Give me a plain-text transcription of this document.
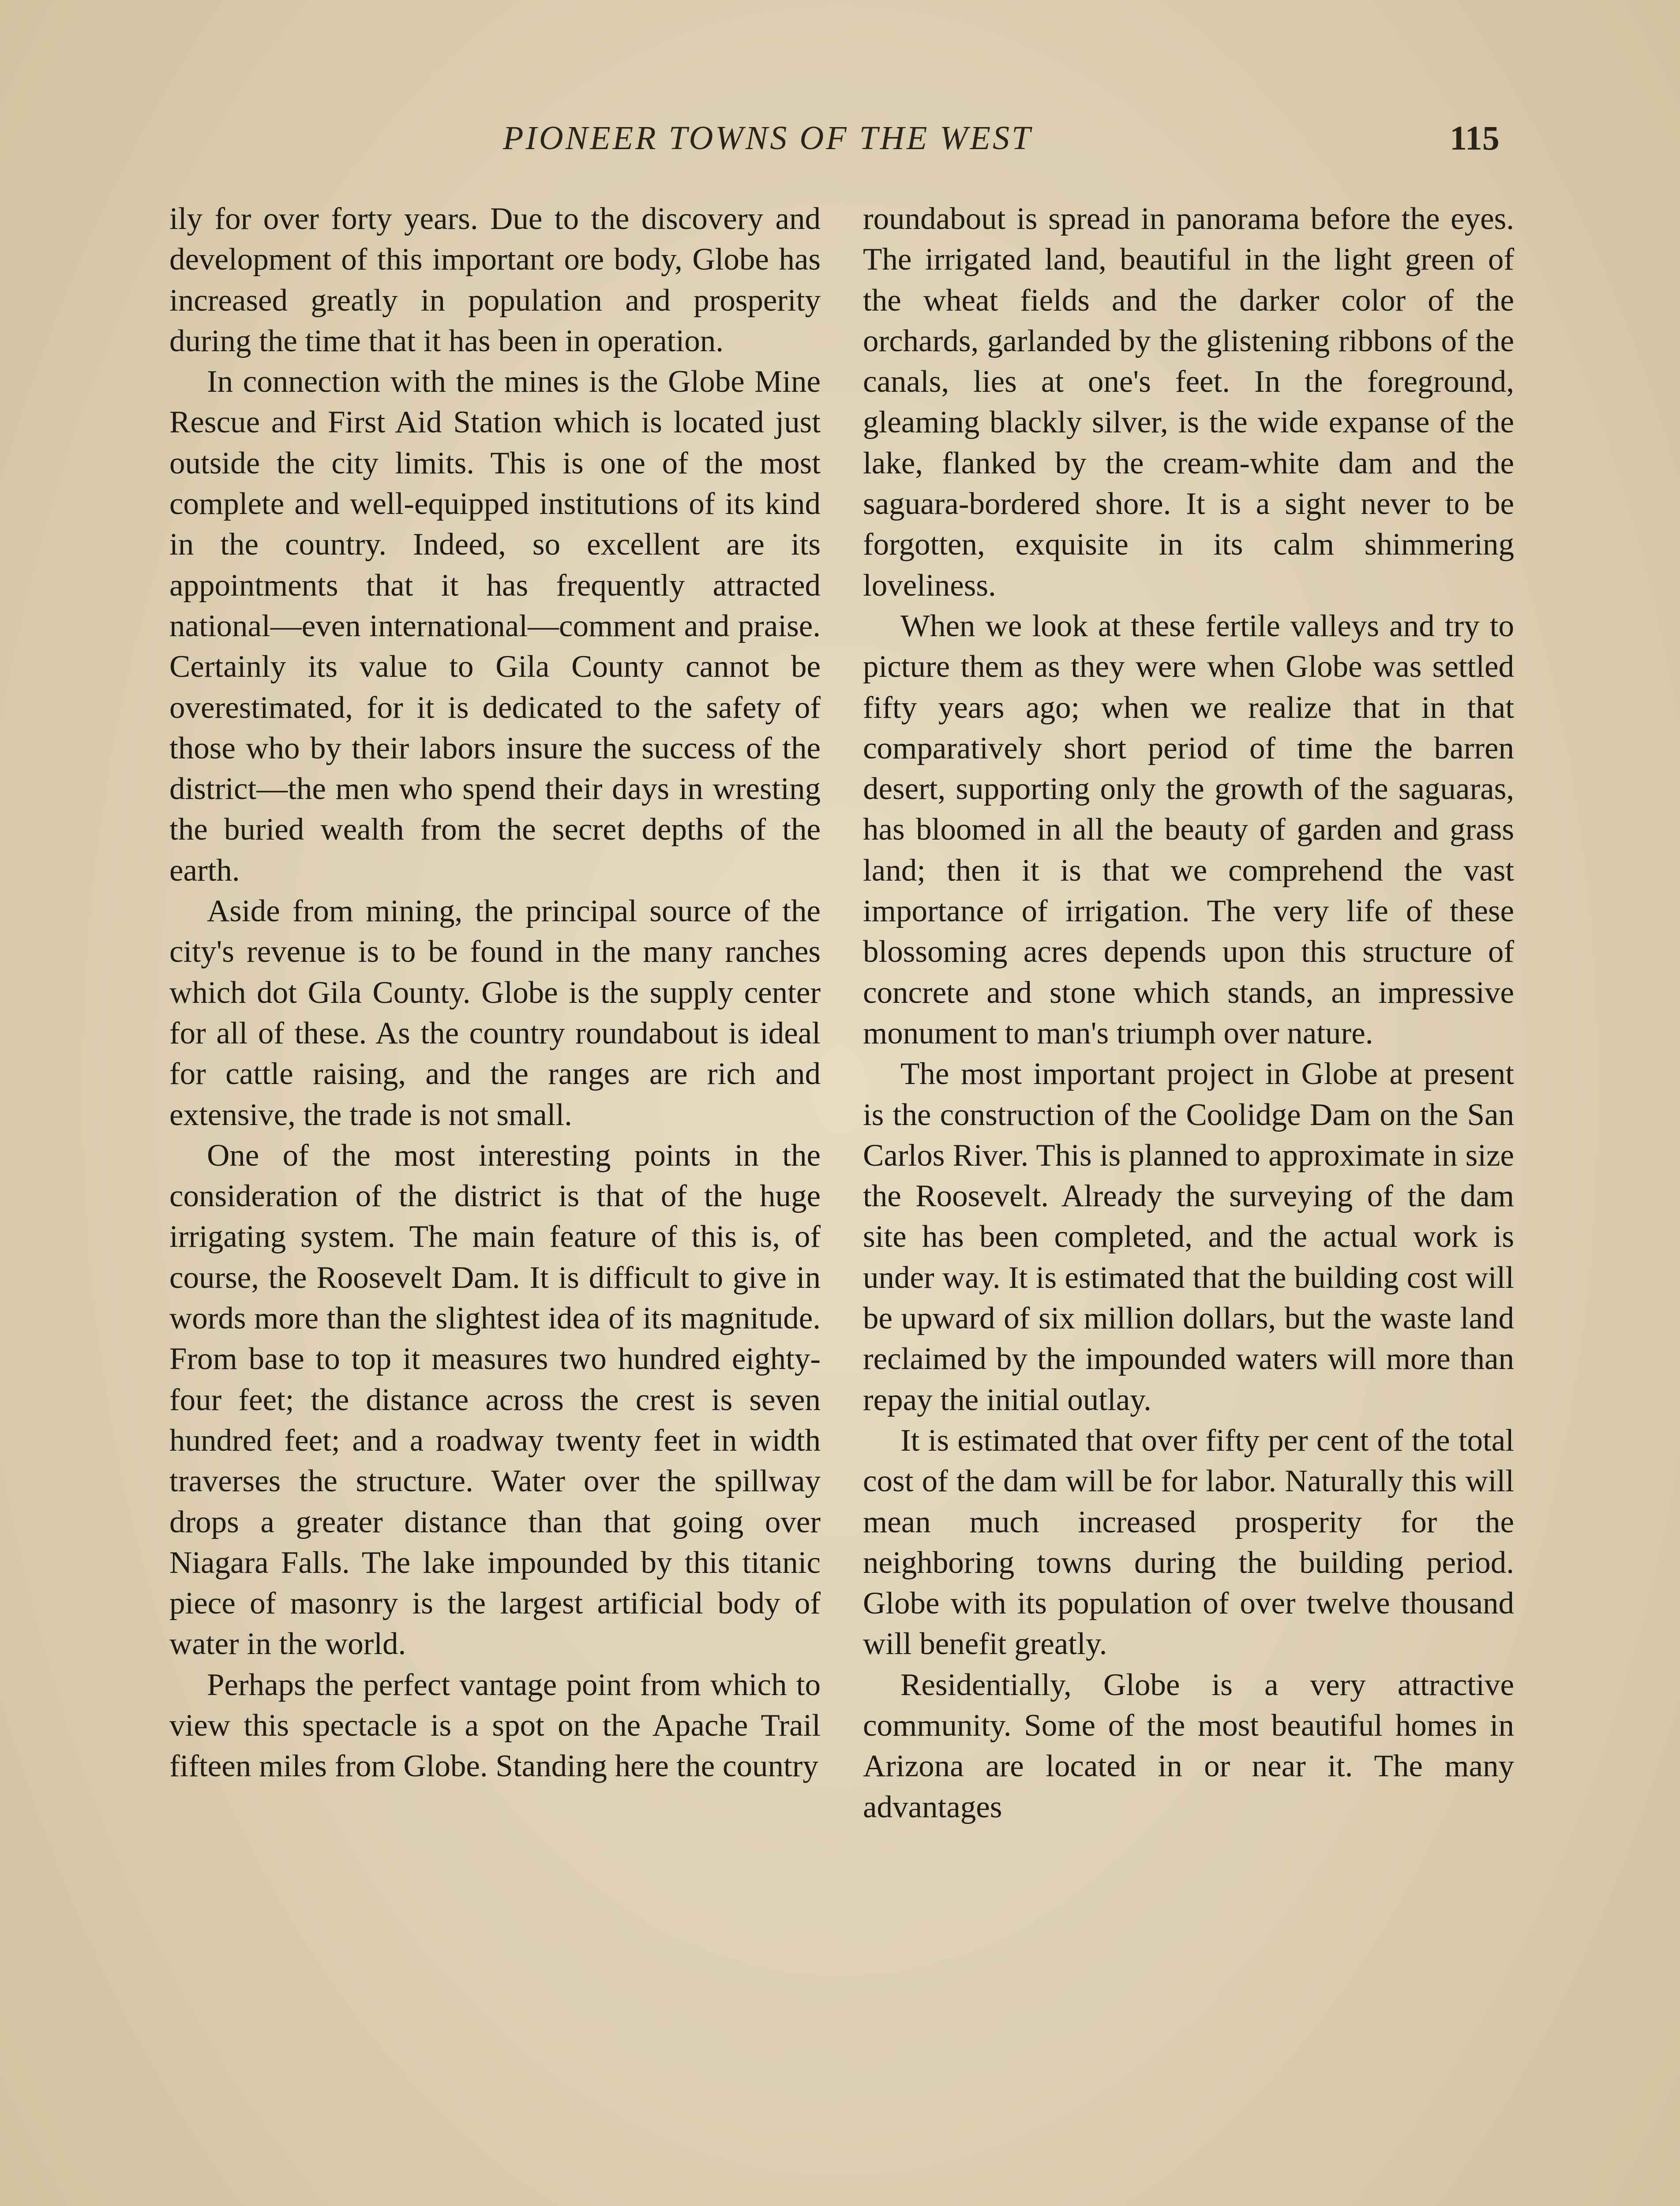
PIONEER TOWNS OF THE WEST	115

ily for over forty years. Due to the discovery and development of this important ore body, Globe has increased greatly in population and prosperity during the time that it has been in operation.

In connection with the mines is the Globe Mine Rescue and First Aid Station which is located just outside the city limits. This is one of the most complete and well-equipped institutions of its kind in the country. Indeed, so excellent are its appointments that it has frequently attracted national—even international—comment and praise. Certainly its value to Gila County cannot be overestimated, for it is dedicated to the safety of those who by their labors insure the success of the district—the men who spend their days in wresting the buried wealth from the secret depths of the earth.

Aside from mining, the principal source of the city's revenue is to be found in the many ranches which dot Gila County. Globe is the supply center for all of these. As the country roundabout is ideal for cattle raising, and the ranges are rich and extensive, the trade is not small.

One of the most interesting points in the consideration of the district is that of the huge irrigating system. The main feature of this is, of course, the Roosevelt Dam. It is difficult to give in words more than the slightest idea of its magnitude. From base to top it measures two hundred eighty-four feet; the distance across the crest is seven hundred feet; and a roadway twenty feet in width traverses the structure. Water over the spillway drops a greater distance than that going over Niagara Falls. The lake impounded by this titanic piece of masonry is the largest artificial body of water in the world.

Perhaps the perfect vantage point from which to view this spectacle is a spot on the Apache Trail fifteen miles from Globe. Standing here the country

roundabout is spread in panorama before the eyes. The irrigated land, beautiful in the light green of the wheat fields and the darker color of the orchards, garlanded by the glistening ribbons of the canals, lies at one's feet. In the foreground, gleaming blackly silver, is the wide expanse of the lake, flanked by the cream-white dam and the saguara-bordered shore. It is a sight never to be forgotten, exquisite in its calm shimmering loveliness.

When we look at these fertile valleys and try to picture them as they were when Globe was settled fifty years ago; when we realize that in that comparatively short period of time the barren desert, supporting only the growth of the saguaras, has bloomed in all the beauty of garden and grass land; then it is that we comprehend the vast importance of irrigation. The very life of these blossoming acres depends upon this structure of concrete and stone which stands, an impressive monument to man's triumph over nature.

The most important project in Globe at present is the construction of the Coolidge Dam on the San Carlos River. This is planned to approximate in size the Roosevelt. Already the surveying of the dam site has been completed, and the actual work is under way. It is estimated that the building cost will be upward of six million dollars, but the waste land reclaimed by the impounded waters will more than repay the initial outlay.

It is estimated that over fifty per cent of the total cost of the dam will be for labor. Naturally this will mean much increased prosperity for the neighboring towns during the building period. Globe with its population of over twelve thousand will benefit greatly.

Residentially, Globe is a very attractive community. Some of the most beautiful homes in Arizona are located in or near it. The many advantages
